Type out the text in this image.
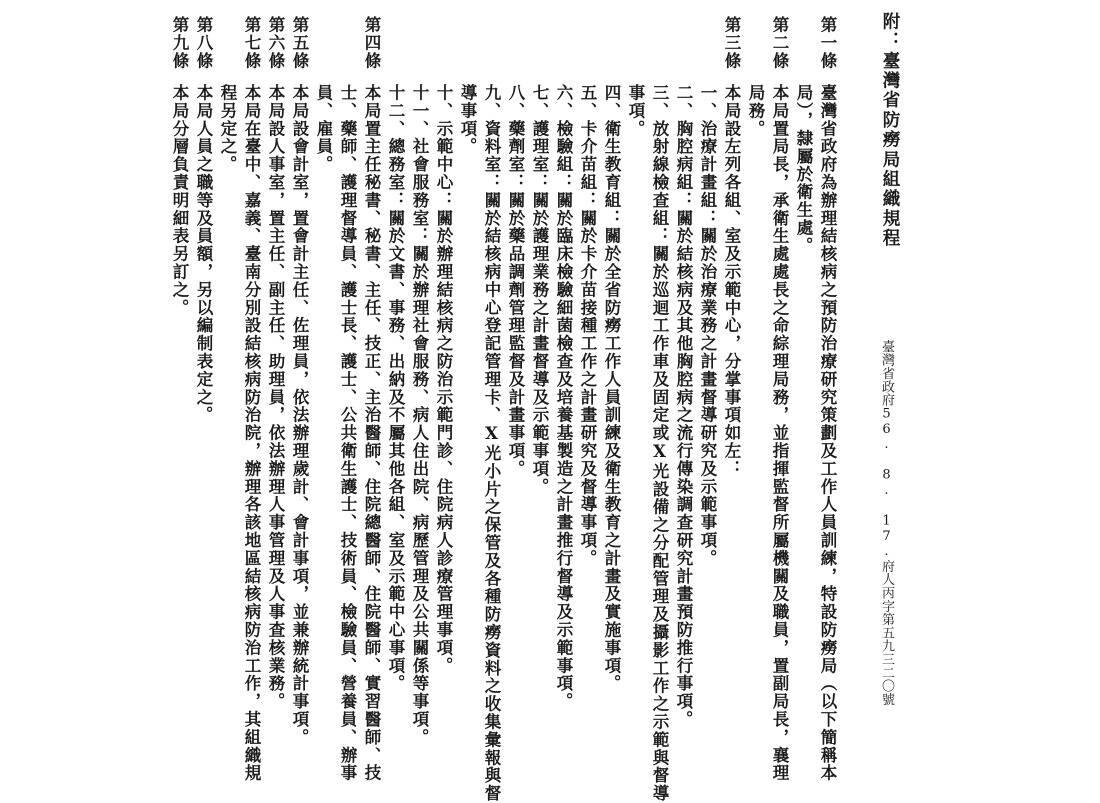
附：臺灣省防癆局組織規程
臺灣省政府56. 8. 17.府人丙字第五九三二〇號
第一條
臺灣省政府為辦理結核病之預防治療研究策劃及工作人員訓練，特設防癆局（以下簡稱本
局），隸屬於衛生處。
第二條
本局置局長，承衛生處處長之命綜理局務，並指揮監督所屬機關及職員，置副局長，襄理
局務。
第三條
本局設左列各組、室及示範中心，分掌事項如左：
一、治療計畫組：關於治療業務之計畫督導研究及示範事項。
二、胸腔病組：關於結核病及其他胸腔病之流行傳染調查研究計畫預防推行事項。
三、放射線檢查組：關於巡迴工作車及固定或X光設備之分配管理及攝影工作之示範與督導
事項。
四、衛生教育組：關於全省防癆工作人員訓練及衛生教育之計畫及實施事項。
五、卡介苗組：關於卡介苗接種工作之計畫研究及督導事項。
六、檢驗組：關於臨床檢驗細菌檢查及培養基製造之計畫推行督導及示範事項。
七、護理室：關於護理業務之計畫督導及示範事項。
八、藥劑室：關於藥品調劑管理監督及計畫事項。
九、資料室：關於結核病中心登記管理卡、X光小片之保管及各種防癆資料之收集彙報與督
導事項。
十、示範中心：關於辦理結核病之防治示範門診、住院病人診療管理事項。
十一、社會服務室：關於辦理社會服務、病人住出院、病歷管理及公共關係等事項。
十二、總務室：關於文書、事務、出納及不屬其他各組、室及示範中心事項。
第四條
本局置主任秘書、秘書、主任、技正、主治醫師、住院總醫師、住院醫師、實習醫師、技
士、藥師、護理督導員、護士長、護士、公共衛生護士、技術員、檢驗員、營養員、辦事
員、雇員。
第五條
本局設會計室，置會計主任、佐理員，依法辦理歲計、會計事項，並兼辦統計事項。
第六條
本局設人事室，置主任、副主任、助理員，依法辦理人事管理及人事查核業務。
第七條
本局在臺中、嘉義、臺南分別設結核病防治院，辦理各該地區結核病防治工作，其組織規
程另定之。
第八條
本局人員之職等及員額，另以編制表定之。
第九條
本局分層負責明細表另訂之。
